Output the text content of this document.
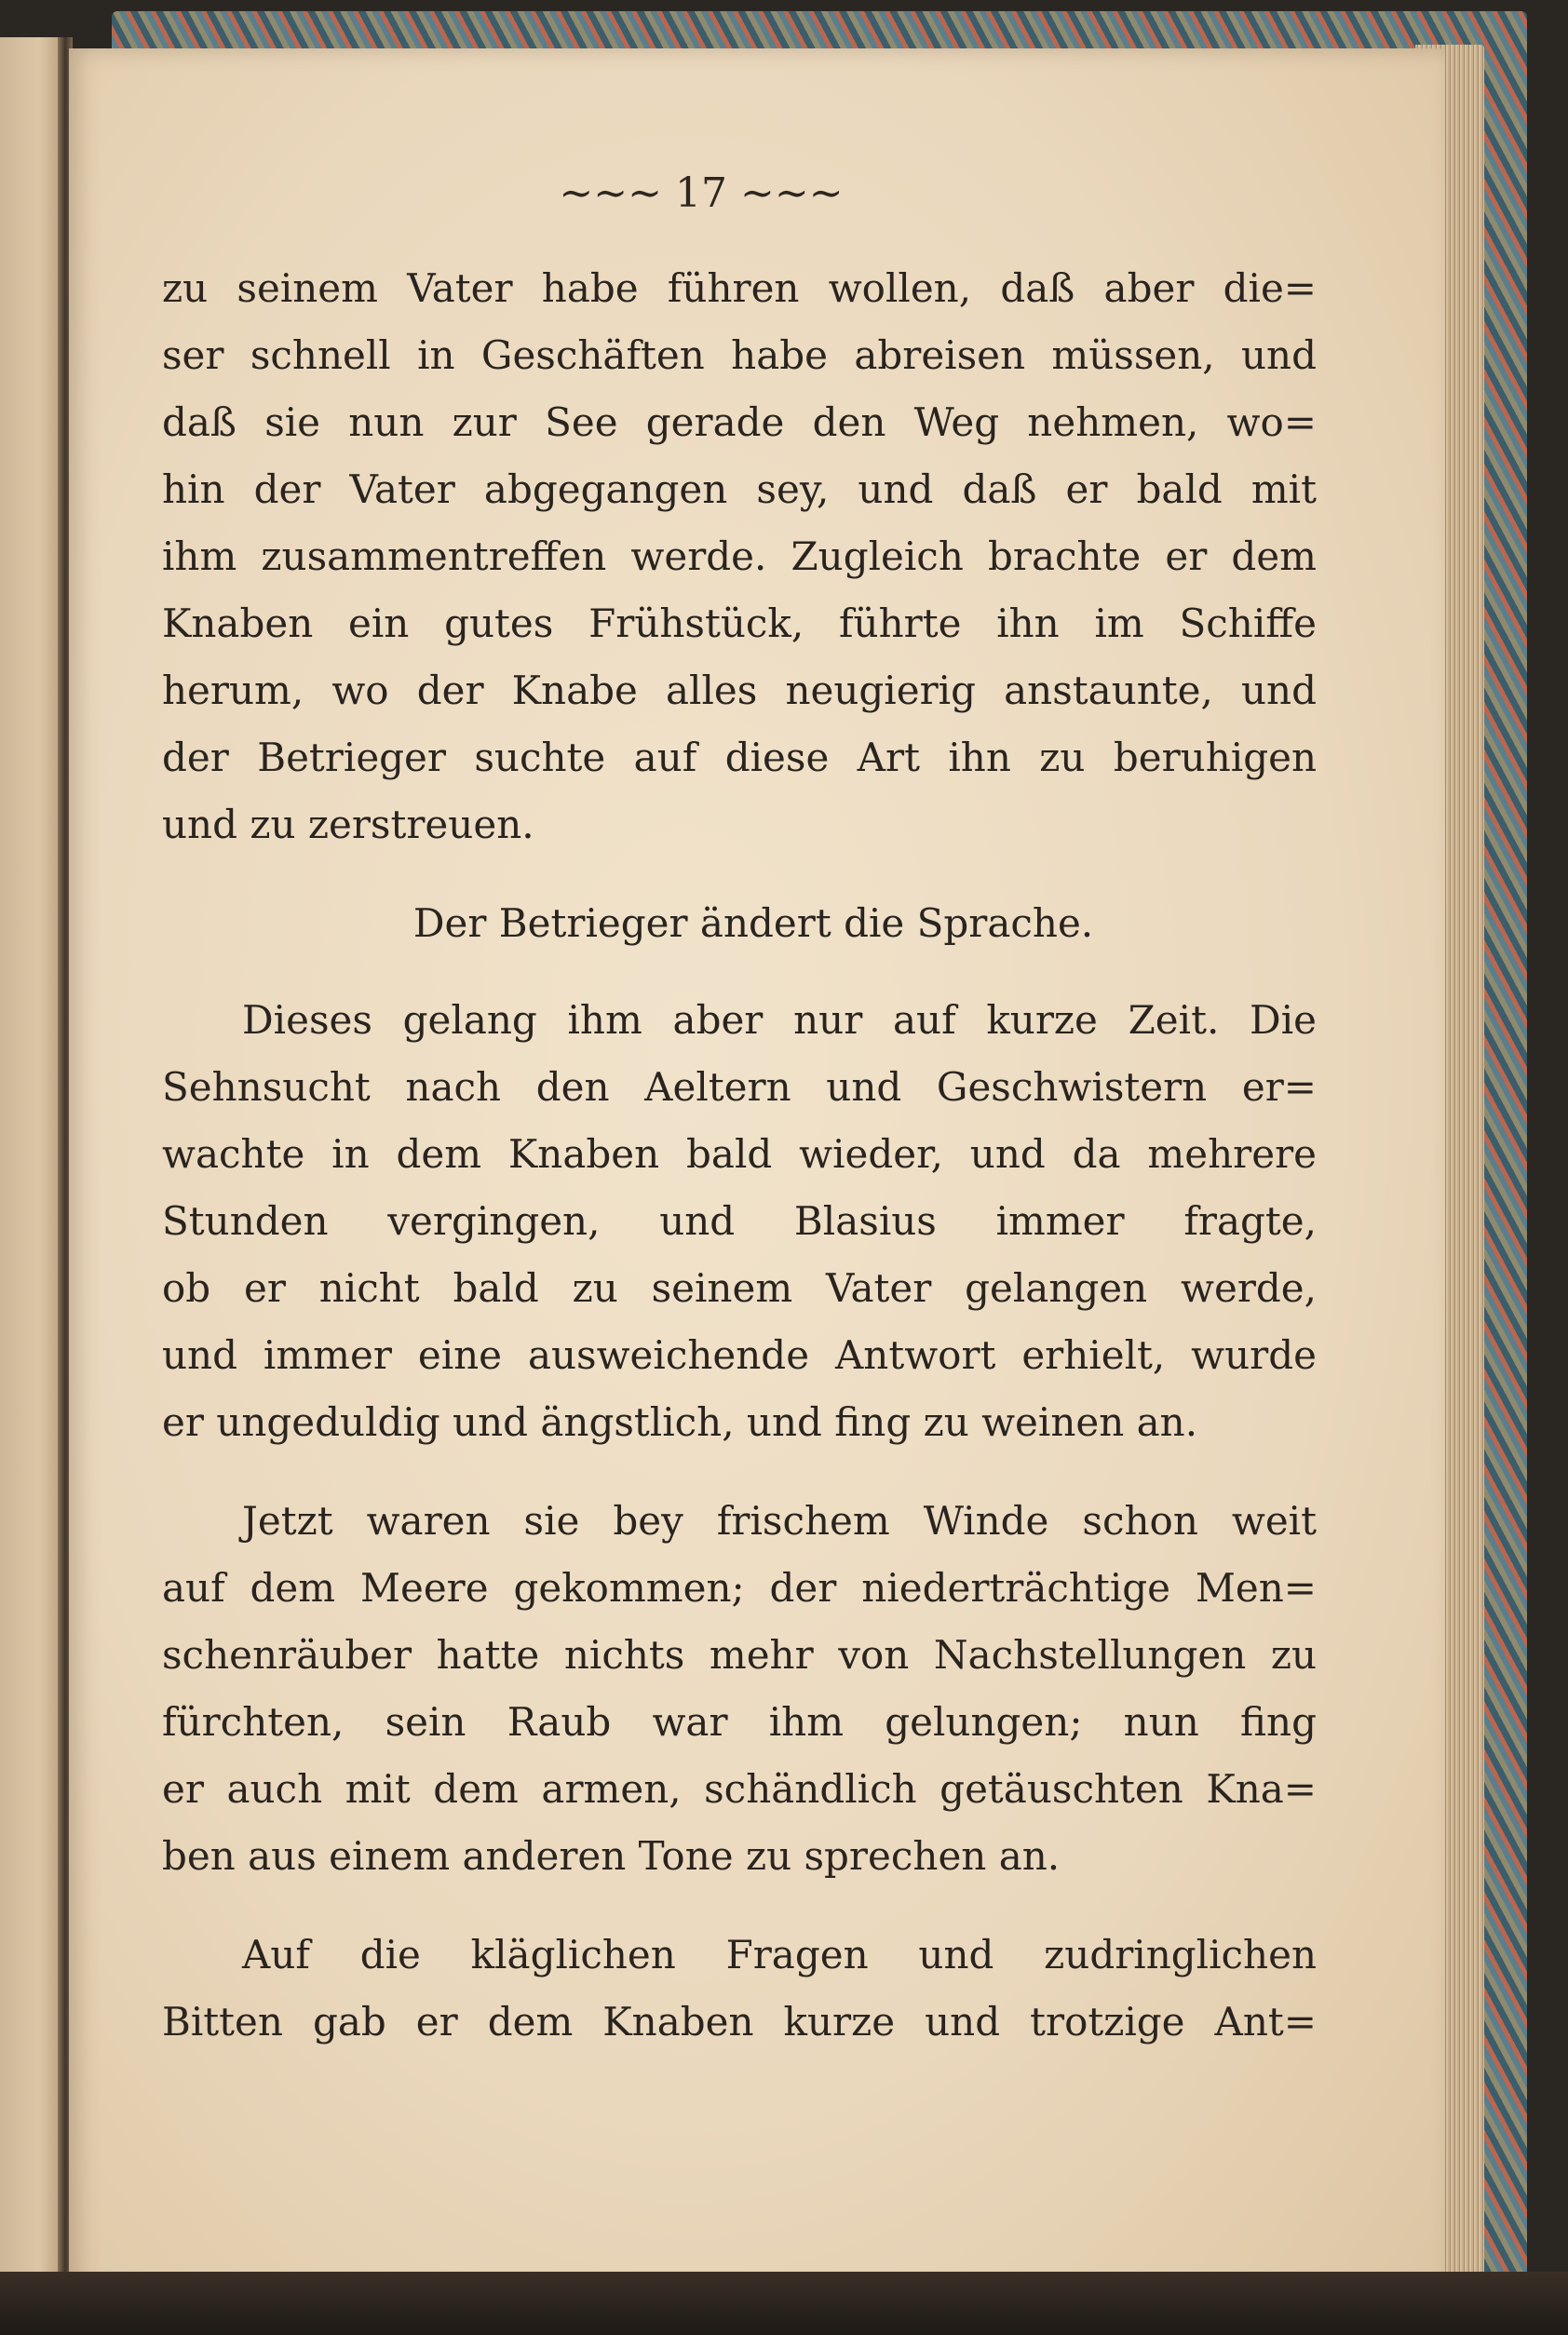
~~~ 17 ~~~
zu seinem Vater habe führen wollen, daß aber die=
ser schnell in Geschäften habe abreisen müssen, und
daß sie nun zur See gerade den Weg nehmen, wo=
hin der Vater abgegangen sey, und daß er bald mit
ihm zusammentreffen werde. Zugleich brachte er dem
Knaben ein gutes Frühstück, führte ihn im Schiffe
herum, wo der Knabe alles neugierig anstaunte, und
der Betrieger suchte auf diese Art ihn zu beruhigen
und zu zerstreuen.
Der Betrieger ändert die Sprache.
Dieses gelang ihm aber nur auf kurze Zeit. Die
Sehnsucht nach den Aeltern und Geschwistern er=
wachte in dem Knaben bald wieder, und da mehrere
Stunden vergingen, und Blasius immer fragte,
ob er nicht bald zu seinem Vater gelangen werde,
und immer eine ausweichende Antwort erhielt, wurde
er ungeduldig und ängstlich, und fing zu weinen an.
Jetzt waren sie bey frischem Winde schon weit
auf dem Meere gekommen; der niederträchtige Men=
schenräuber hatte nichts mehr von Nachstellungen zu
fürchten, sein Raub war ihm gelungen; nun fing
er auch mit dem armen, schändlich getäuschten Kna=
ben aus einem anderen Tone zu sprechen an.
Auf die kläglichen Fragen und zudringlichen
Bitten gab er dem Knaben kurze und trotzige Ant=
